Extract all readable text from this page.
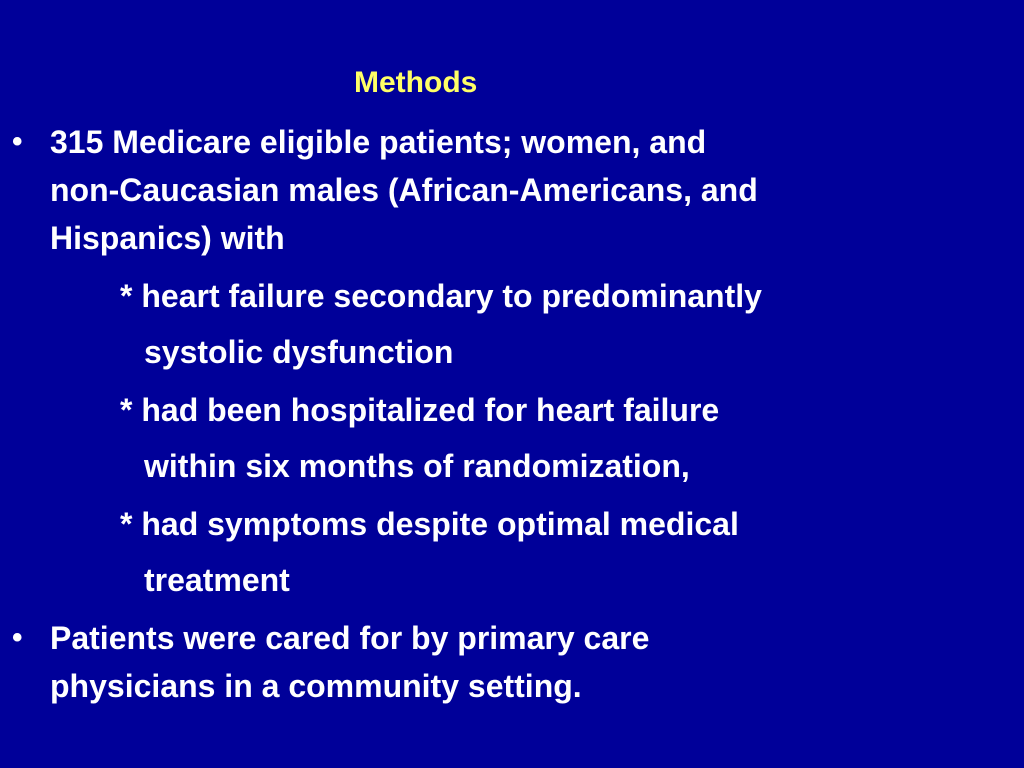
Methods
• 315 Medicare eligible patients; women, and
non-Caucasian males (African-Americans, and
Hispanics) with
* heart failure secondary to predominantly
systolic dysfunction
* had been hospitalized for heart failure
within six months of randomization,
* had symptoms despite optimal medical
treatment
• Patients were cared for by primary care
physicians in a community setting.
